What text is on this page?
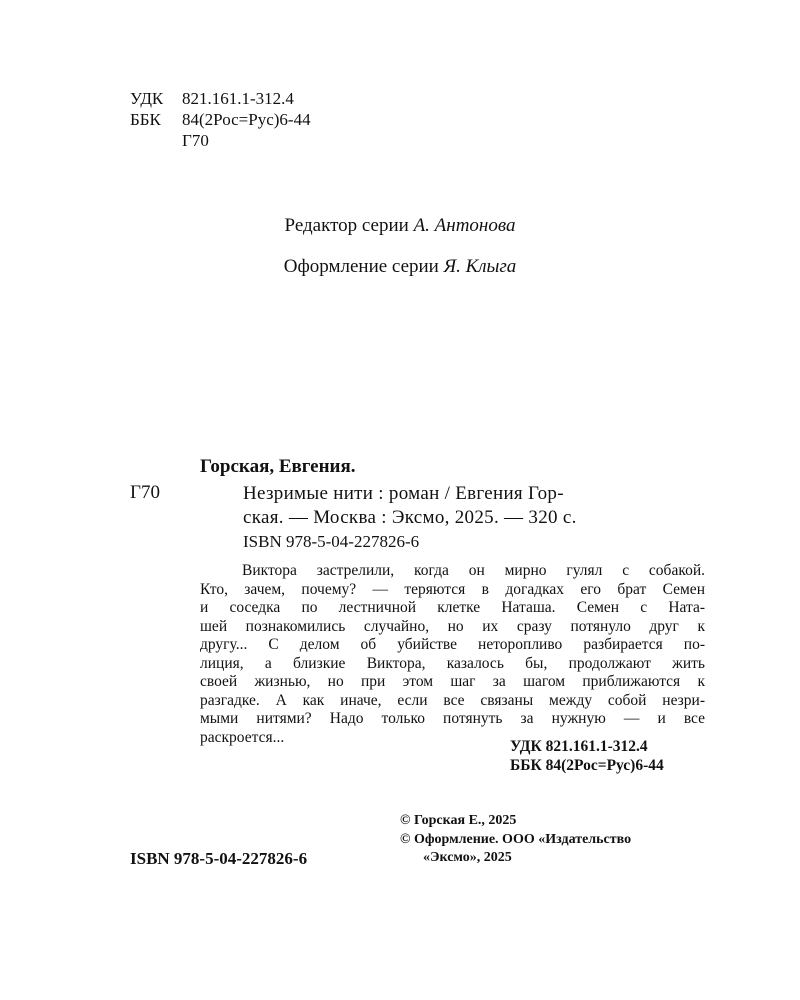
УДК 821.161.1-312.4
ББК 84(2Рос=Рус)6-44
Г70
Редактор серии А. Антонова
Оформление серии Я. Клыга
Горская, Евгения.
Г70	Незримые нити : роман / Евгения Гор-
ская. — Москва : Эксмо, 2025. — 320 с.
ISBN 978-5-04-227826-6
Виктора застрелили, когда он мирно гулял с собакой.
Кто, зачем, почему? — теряются в догадках его брат Семен
и соседка по лестничной клетке Наташа. Семен с Ната-
шей познакомились случайно, но их сразу потянуло друг к
другу... С делом об убийстве неторопливо разбирается по-
лиция, а близкие Виктора, казалось бы, продолжают жить
своей жизнью, но при этом шаг за шагом приближаются к
разгадке. А как иначе, если все связаны между собой незри-
мыми нитями? Надо только потянуть за нужную — и все
раскроется...
УДК 821.161.1-312.4
ББК 84(2Рос=Рус)6-44
© Горская Е., 2025
© Оформление. ООО «Издательство
«Эксмо», 2025
ISBN 978-5-04-227826-6
